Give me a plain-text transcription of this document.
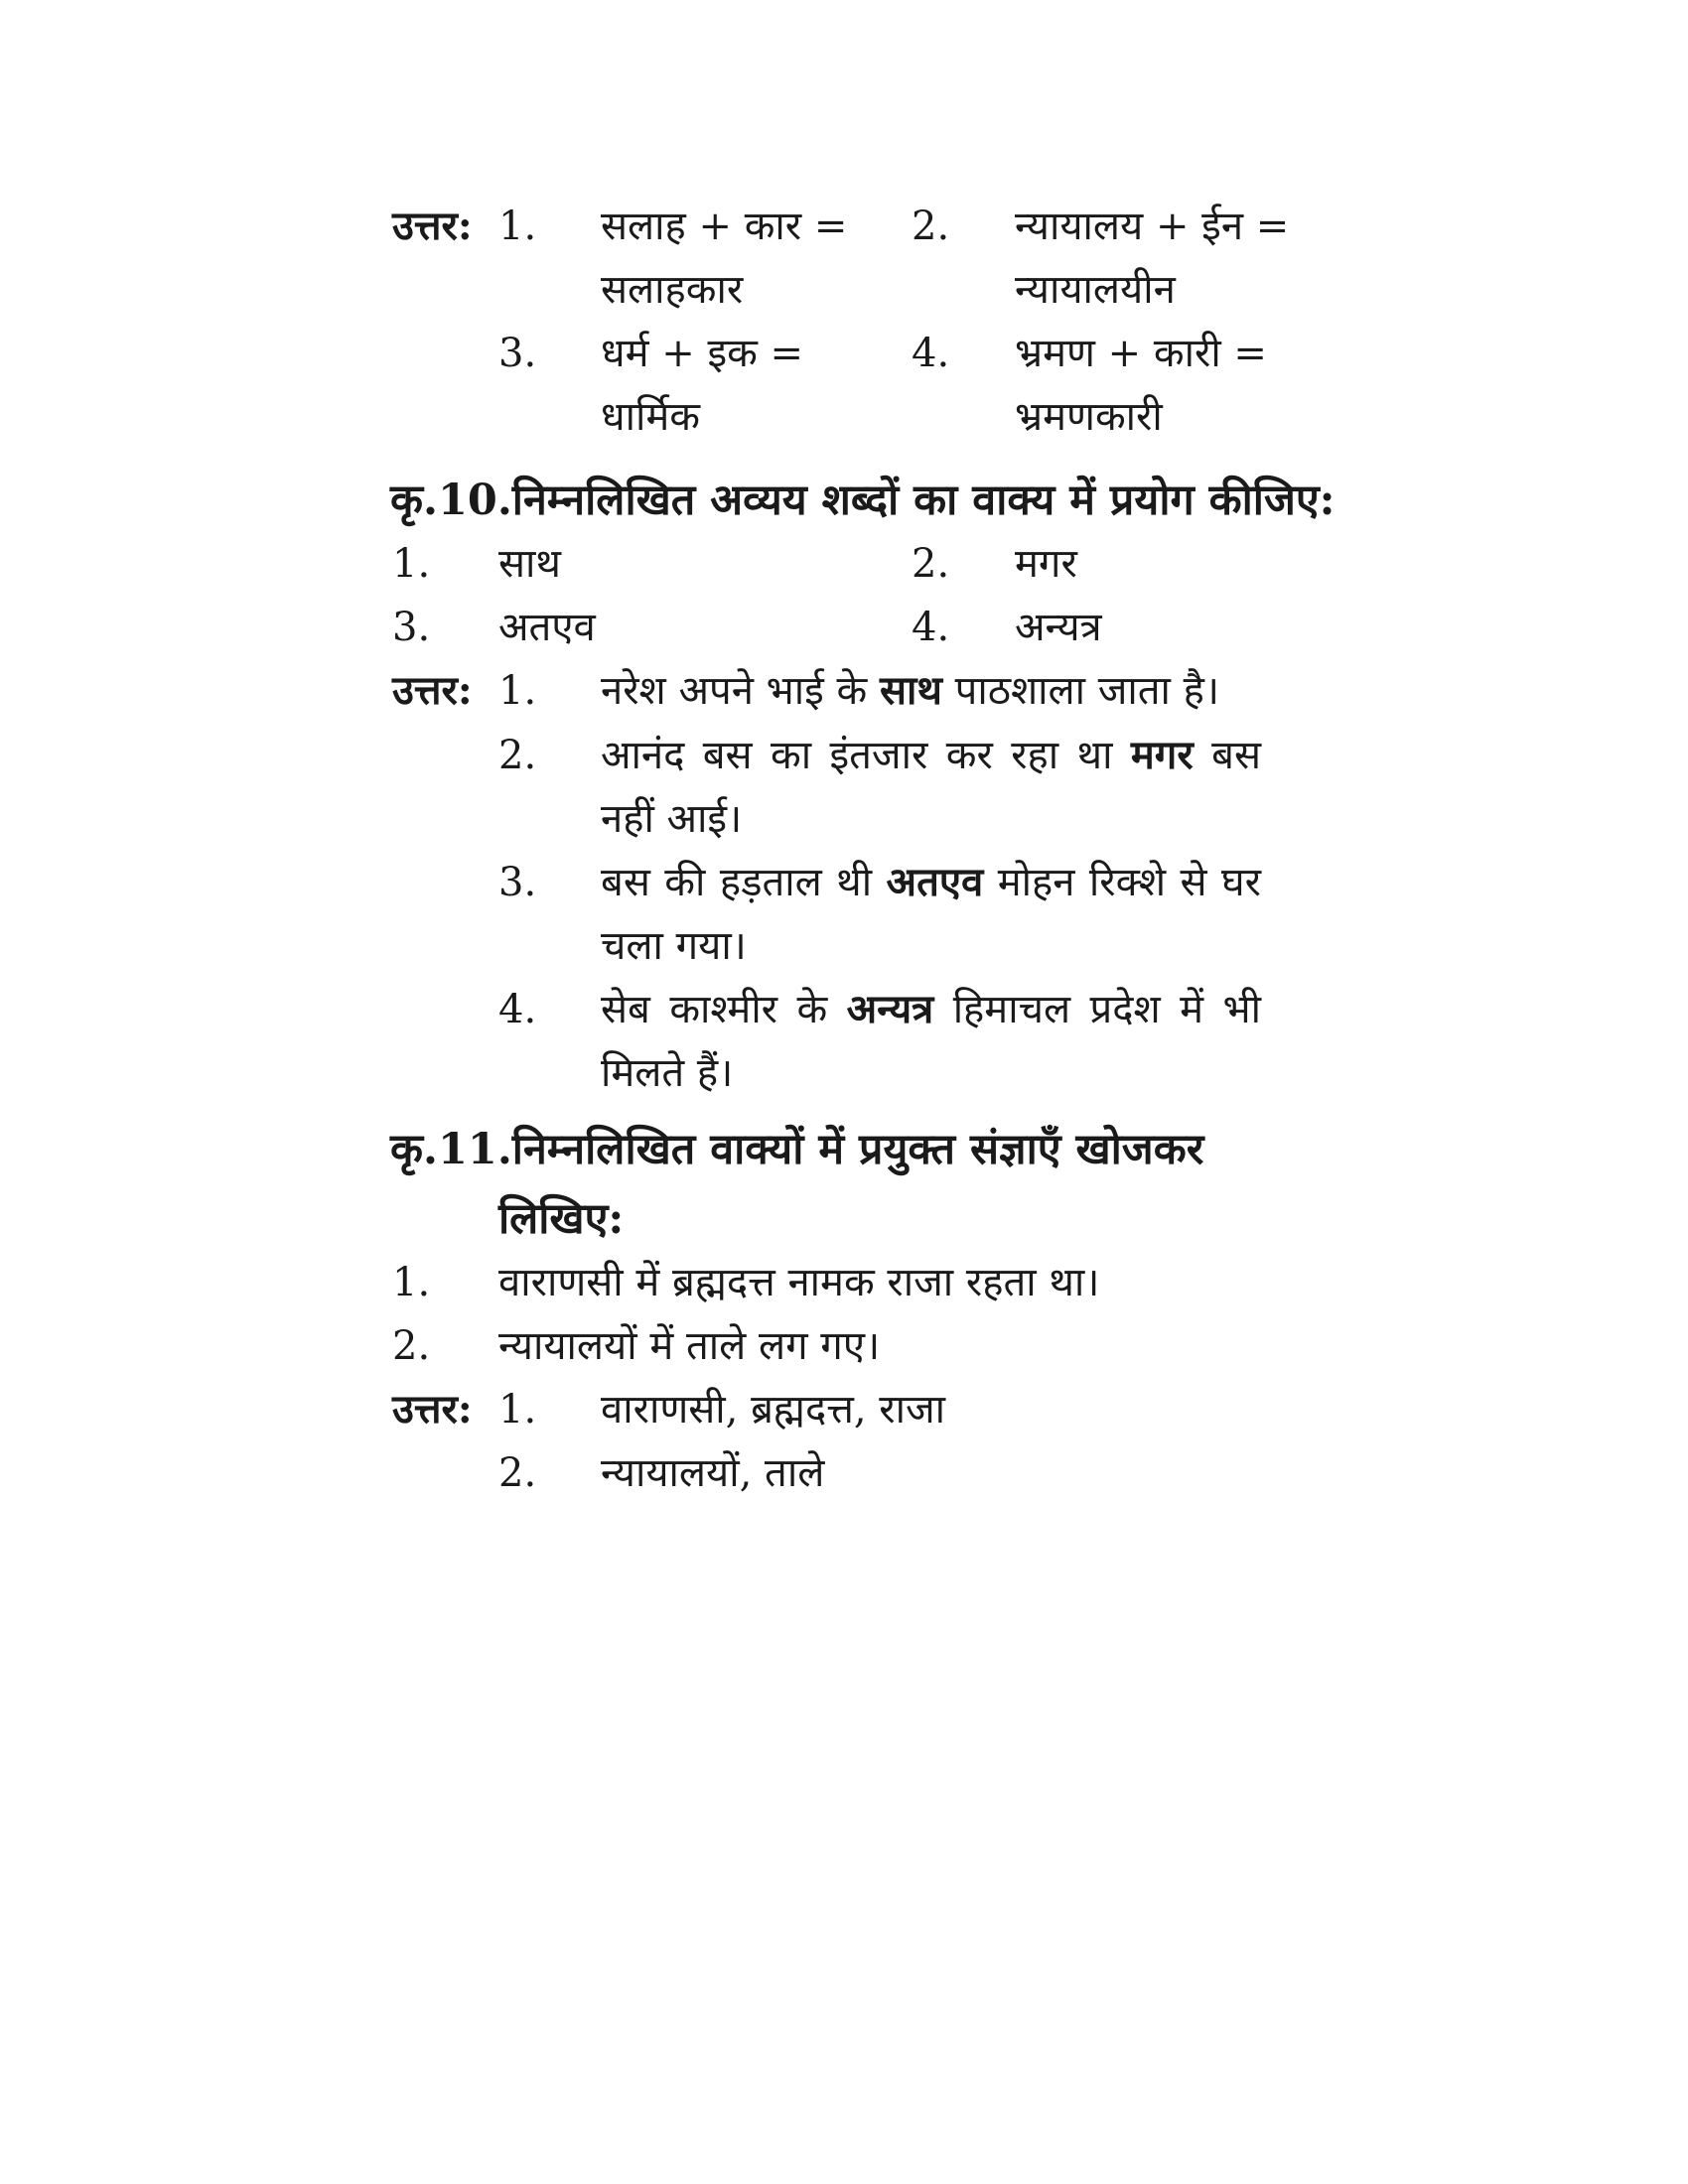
उत्तर: 1. सलाह + कार =
सलाहकार
2. न्यायालय + ईन =
न्यायालयीन
3. धर्म + इक =
धार्मिक
4. भ्रमण + कारी =
भ्रमणकारी
कृ.10.निम्नलिखित अव्यय शब्दों का वाक्य में प्रयोग कीजिए:
1. साथ	2. मगर
3. अतएव	4. अन्यत्र
उत्तर: 1. नरेश अपने भाई के साथ पाठशाला जाता है।
2. आनंद बस का इंतजार कर रहा था मगर बस नहीं आई।
3. बस की हड़ताल थी अतएव मोहन रिक्शे से घर चला गया।
4. सेब काश्मीर के अन्यत्र हिमाचल प्रदेश में भी मिलते हैं।
कृ.11.निम्नलिखित वाक्यों में प्रयुक्त संज्ञाएँ खोजकर
लिखिए:
1. वाराणसी में ब्रह्मदत्त नामक राजा रहता था।
2. न्यायालयों में ताले लग गए।
उत्तर: 1. वाराणसी, ब्रह्मदत्त, राजा
2. न्यायालयों, ताले
